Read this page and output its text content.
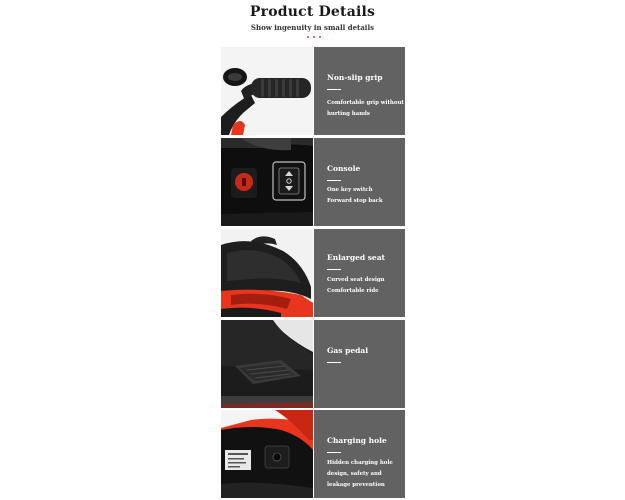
Product Details
Show ingenuity in small details
Non-slip grip
Comfortable grip without
hurting hands
Console
One key switch
Forward stop back
Enlarged seat
Curved seat design
Comfortable ride
Gas pedal
Charging hole
Hidden charging hole
design, safety and
leakage prevention
